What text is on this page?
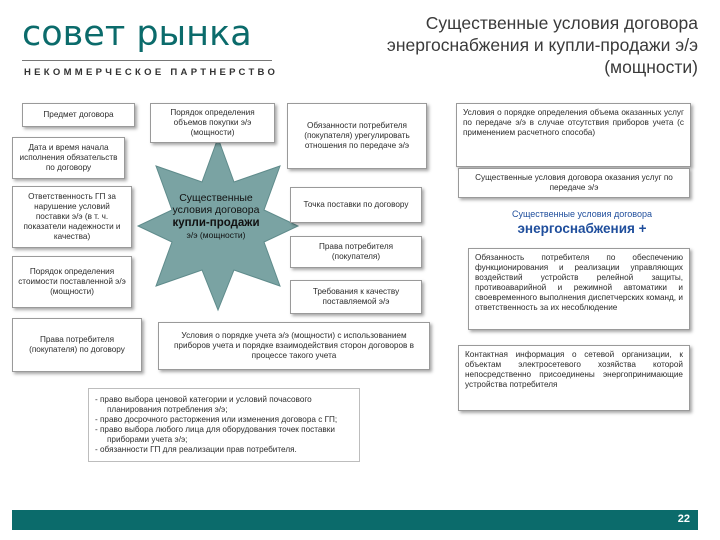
совет рынка
НЕКОММЕРЧЕСКОЕ ПАРТНЕРСТВО
Существенные условия договора энергоснабжения и купли-продажи э/э (мощности)
Существенные условия договора
купли-продажи
э/э (мощности)
Предмет договора
Дата и время начала исполнения обязательств по договору
Ответственность ГП за нарушение условий поставки э/э (в т. ч. показатели надежности и качества)
Порядок определения стоимости поставленной э/э (мощности)
Права потребителя (покупателя) по договору
Порядок определения объемов покупки э/э (мощности)
Обязанности потребителя (покупателя) урегулировать отношения по передаче э/э
Точка поставки по договору
Права потребителя (покупателя)
Требования к качеству поставляемой э/э
Условия о порядке учета э/э (мощности) с использованием приборов учета и порядке взаимодействия сторон договоров в процессе такого учета
- право выбора ценовой категории и условий почасового планирования потребления э/э;
- право досрочного расторжения или изменения договора с ГП;
- право выбора любого лица для оборудования точек поставки приборами учета э/э;
- обязанности ГП для реализации прав потребителя.
Условия о порядке определения объема оказанных услуг по передаче э/э в случае отсутствия приборов учета (с применением расчетного способа)
Существенные условия договора оказания услуг по передаче э/э
Существенные условия договора
энергоснабжения +
Обязанность потребителя по обеспечению функционирования и реализации управляющих воздействий устройств релейной защиты, противоаварийной и режимной автоматики и своевременного выполнения диспетчерских команд, и ответственность за их несоблюдение
Контактная информация о сетевой организации, к объектам электросетевого хозяйства которой непосредственно присоединены энергопринимающие устройства потребителя
22
